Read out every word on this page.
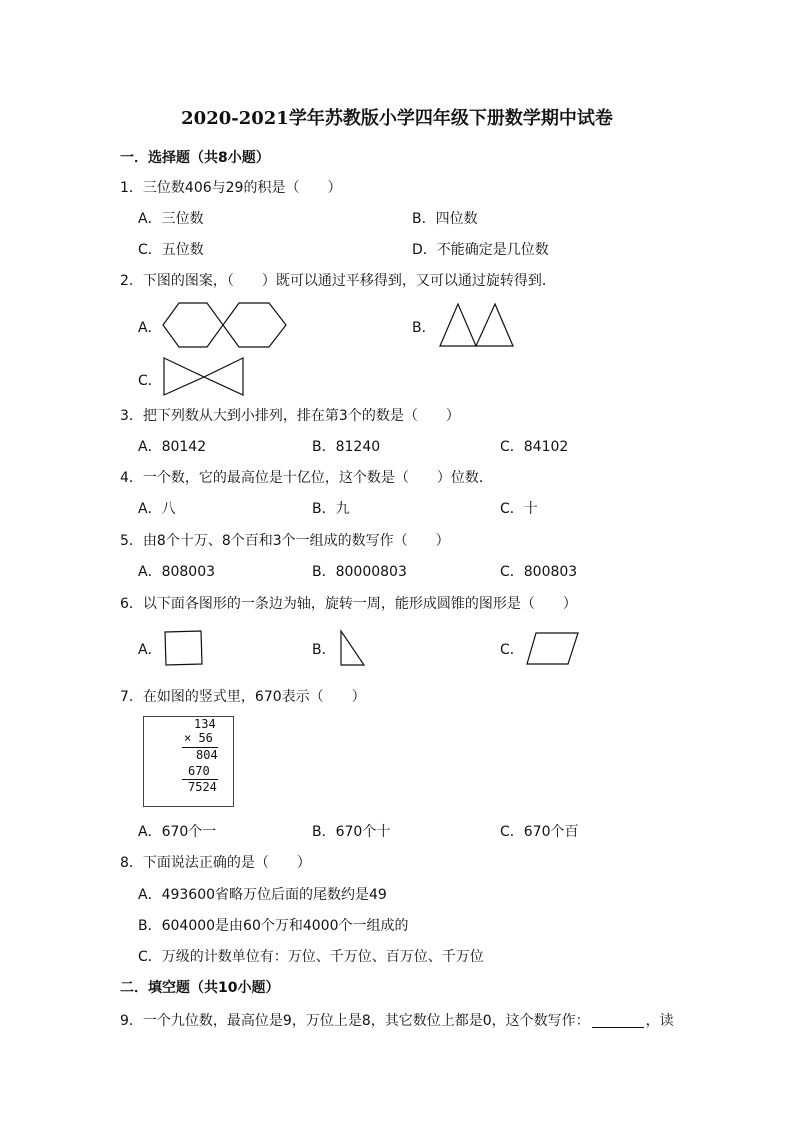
2020-2021学年苏教版小学四年级下册数学期中试卷
一．选择题（共8小题）
1．三位数406与29的积是（　　）
A．三位数	B．四位数
C．五位数	D．不能确定是几位数
2．下图的图案，（　　）既可以通过平移得到，又可以通过旋转得到．
A．	B．
C．
3．把下列数从大到小排列，排在第3个的数是（　　）
A．80142	B．81240	C．84102
4．一个数，它的最高位是十亿位，这个数是（　　）位数．
A．八	B．九	C．十
5．由8个十万、8个百和3个一组成的数写作（　　）
A．808003	B．80000803	C．800803
6．以下面各图形的一条边为轴，旋转一周，能形成圆锥的图形是（　　）
A．	B．	C．
7．在如图的竖式里，670表示（　　）
134
× 56
804
670
7524
A．670个一	B．670个十	C．670个百
8．下面说法正确的是（　　）
A．493600省略万位后面的尾数约是49
B．604000是由60个万和4000个一组成的
C．万级的计数单位有：万位、千万位、百万位、千万位
二．填空题（共10小题）
9．一个九位数，最高位是9，万位上是8，其它数位上都是0，这个数写作：	，读
